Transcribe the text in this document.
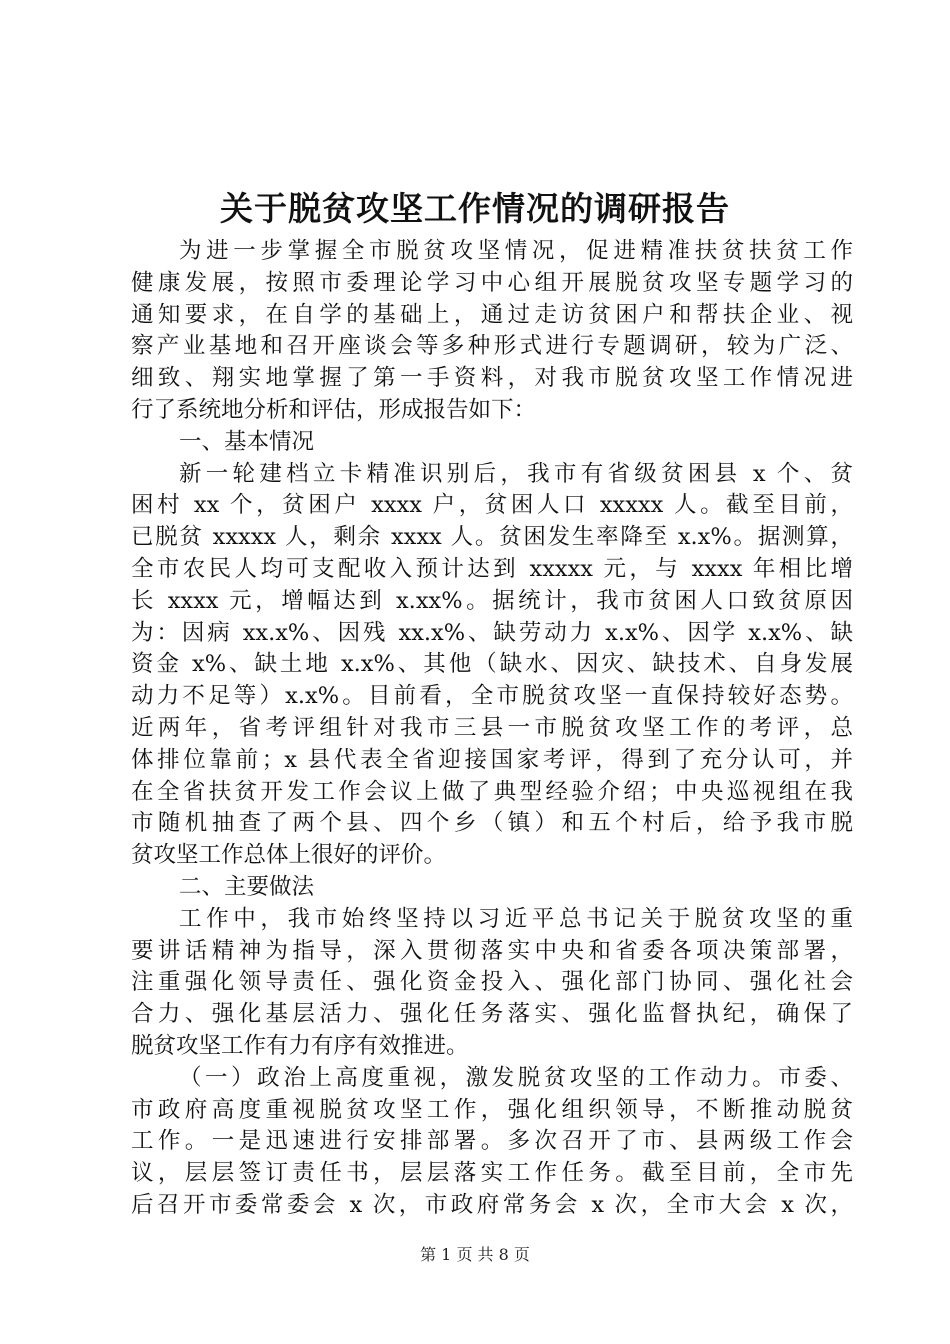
关于脱贫攻坚工作情况的调研报告
为进一步掌握全市脱贫攻坚情况，促进精准扶贫扶贫工作
健康发展，按照市委理论学习中心组开展脱贫攻坚专题学习的
通知要求，在自学的基础上，通过走访贫困户和帮扶企业、视
察产业基地和召开座谈会等多种形式进行专题调研，较为广泛、
细致、翔实地掌握了第一手资料，对我市脱贫攻坚工作情况进
行了系统地分析和评估，形成报告如下：
一、基本情况
新一轮建档立卡精准识别后，我市有省级贫困县 x 个、贫
困村 xx 个，贫困户 xxxx 户，贫困人口 xxxxx 人。截至目前，
已脱贫 xxxxx 人，剩余 xxxx 人。贫困发生率降至 x.x%。据测算，
全市农民人均可支配收入预计达到 xxxxx 元，与 xxxx 年相比增
长 xxxx 元，增幅达到 x.xx%。据统计，我市贫困人口致贫原因
为：因病 xx.x%、因残 xx.x%、缺劳动力 x.x%、因学 x.x%、缺
资金 x%、缺土地 x.x%、其他（缺水、因灾、缺技术、自身发展
动力不足等）x.x%。目前看，全市脱贫攻坚一直保持较好态势。
近两年，省考评组针对我市三县一市脱贫攻坚工作的考评，总
体排位靠前；x 县代表全省迎接国家考评，得到了充分认可，并
在全省扶贫开发工作会议上做了典型经验介绍；中央巡视组在我
市随机抽查了两个县、四个乡（镇）和五个村后，给予我市脱
贫攻坚工作总体上很好的评价。
二、主要做法
工作中，我市始终坚持以习近平总书记关于脱贫攻坚的重
要讲话精神为指导，深入贯彻落实中央和省委各项决策部署，
注重强化领导责任、强化资金投入、强化部门协同、强化社会
合力、强化基层活力、强化任务落实、强化监督执纪，确保了
脱贫攻坚工作有力有序有效推进。
（一）政治上高度重视，激发脱贫攻坚的工作动力。市委、
市政府高度重视脱贫攻坚工作，强化组织领导，不断推动脱贫
工作。一是迅速进行安排部署。多次召开了市、县两级工作会
议，层层签订责任书，层层落实工作任务。截至目前，全市先
后召开市委常委会 x 次，市政府常务会 x 次，全市大会 x 次，
第 1 页 共 8 页
